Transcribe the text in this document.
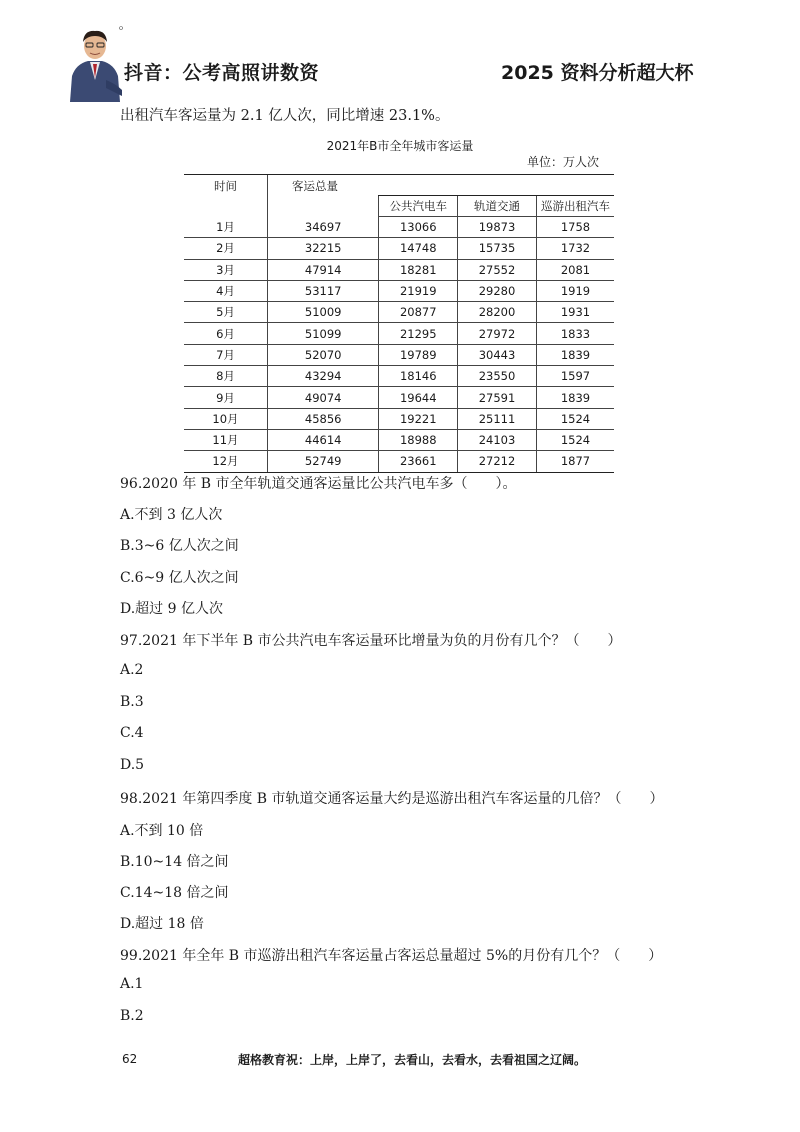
抖音：公考高照讲数资	2025 资料分析超大杯
出租汽车客运量为 2.1 亿人次，同比增速 23.1%。
2021年B市全年城市客运量
单位：万人次
时间	客运总量			
		公共汽电车	轨道交通	巡游出租汽车
1月	34697	13066	19873	1758
2月	32215	14748	15735	1732
3月	47914	18281	27552	2081
4月	53117	21919	29280	1919
5月	51009	20877	28200	1931
6月	51099	21295	27972	1833
7月	52070	19789	30443	1839
8月	43294	18146	23550	1597
9月	49074	19644	27591	1839
10月	45856	19221	25111	1524
11月	44614	18988	24103	1524
12月	52749	23661	27212	1877
96.2020 年 B 市全年轨道交通客运量比公共汽电车多（　　）。
A.不到 3 亿人次
B.3~6 亿人次之间
C.6~9 亿人次之间
D.超过 9 亿人次
97.2021 年下半年 B 市公共汽电车客运量环比增量为负的月份有几个？（　　）
A.2
B.3
C.4
D.5
98.2021 年第四季度 B 市轨道交通客运量大约是巡游出租汽车客运量的几倍？（　　）
A.不到 10 倍
B.10~14 倍之间
C.14~18 倍之间
D.超过 18 倍
99.2021 年全年 B 市巡游出租汽车客运量占客运总量超过 5%的月份有几个？（　　）
A.1
B.2
62	超格教育祝：上岸，上岸了，去看山，去看水，去看祖国之辽阔。
